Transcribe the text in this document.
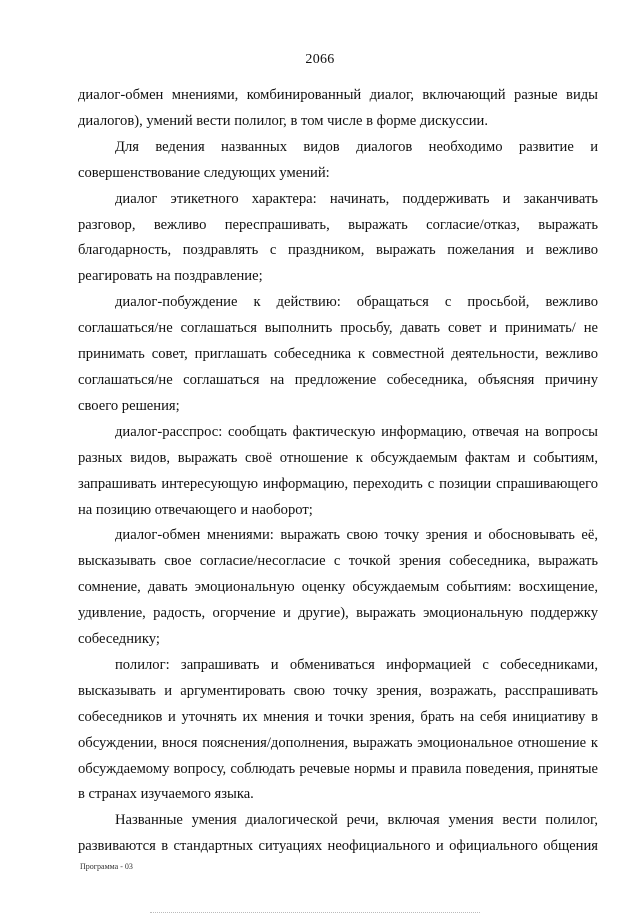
2066

диалог-обмен мнениями, комбинированный диалог, включающий разные виды диалогов), умений вести полилог, в том числе в форме дискуссии.

Для ведения названных видов диалогов необходимо развитие и совершенствование следующих умений:

диалог этикетного характера: начинать, поддерживать и заканчивать разговор, вежливо переспрашивать, выражать согласие/отказ, выражать благодарность, поздравлять с праздником, выражать пожелания и вежливо реагировать на поздравление;

диалог-побуждение к действию: обращаться с просьбой, вежливо соглашаться/не соглашаться выполнить просьбу, давать совет и принимать/ не принимать совет, приглашать собеседника к совместной деятельности, вежливо соглашаться/не соглашаться на предложение собеседника, объясняя причину своего решения;

диалог-расспрос: сообщать фактическую информацию, отвечая на вопросы разных видов, выражать своё отношение к обсуждаемым фактам и событиям, запрашивать интересующую информацию, переходить с позиции спрашивающего на позицию отвечающего и наоборот;

диалог-обмен мнениями: выражать свою точку зрения и обосновывать её, высказывать свое согласие/несогласие с точкой зрения собеседника, выражать сомнение, давать эмоциональную оценку обсуждаемым событиям: восхищение, удивление, радость, огорчение и другие), выражать эмоциональную поддержку собеседнику;

полилог: запрашивать и обмениваться информацией с собеседниками, высказывать и аргументировать свою точку зрения, возражать, расспрашивать собеседников и уточнять их мнения и точки зрения, брать на себя инициативу в обсуждении, внося пояснения/дополнения, выражать эмоциональное отношение к обсуждаемому вопросу, соблюдать речевые нормы и правила поведения, принятые в странах изучаемого языка.

Названные умения диалогической речи, включая умения вести полилог, развиваются в стандартных ситуациях неофициального и официального общения

Программа - 03
